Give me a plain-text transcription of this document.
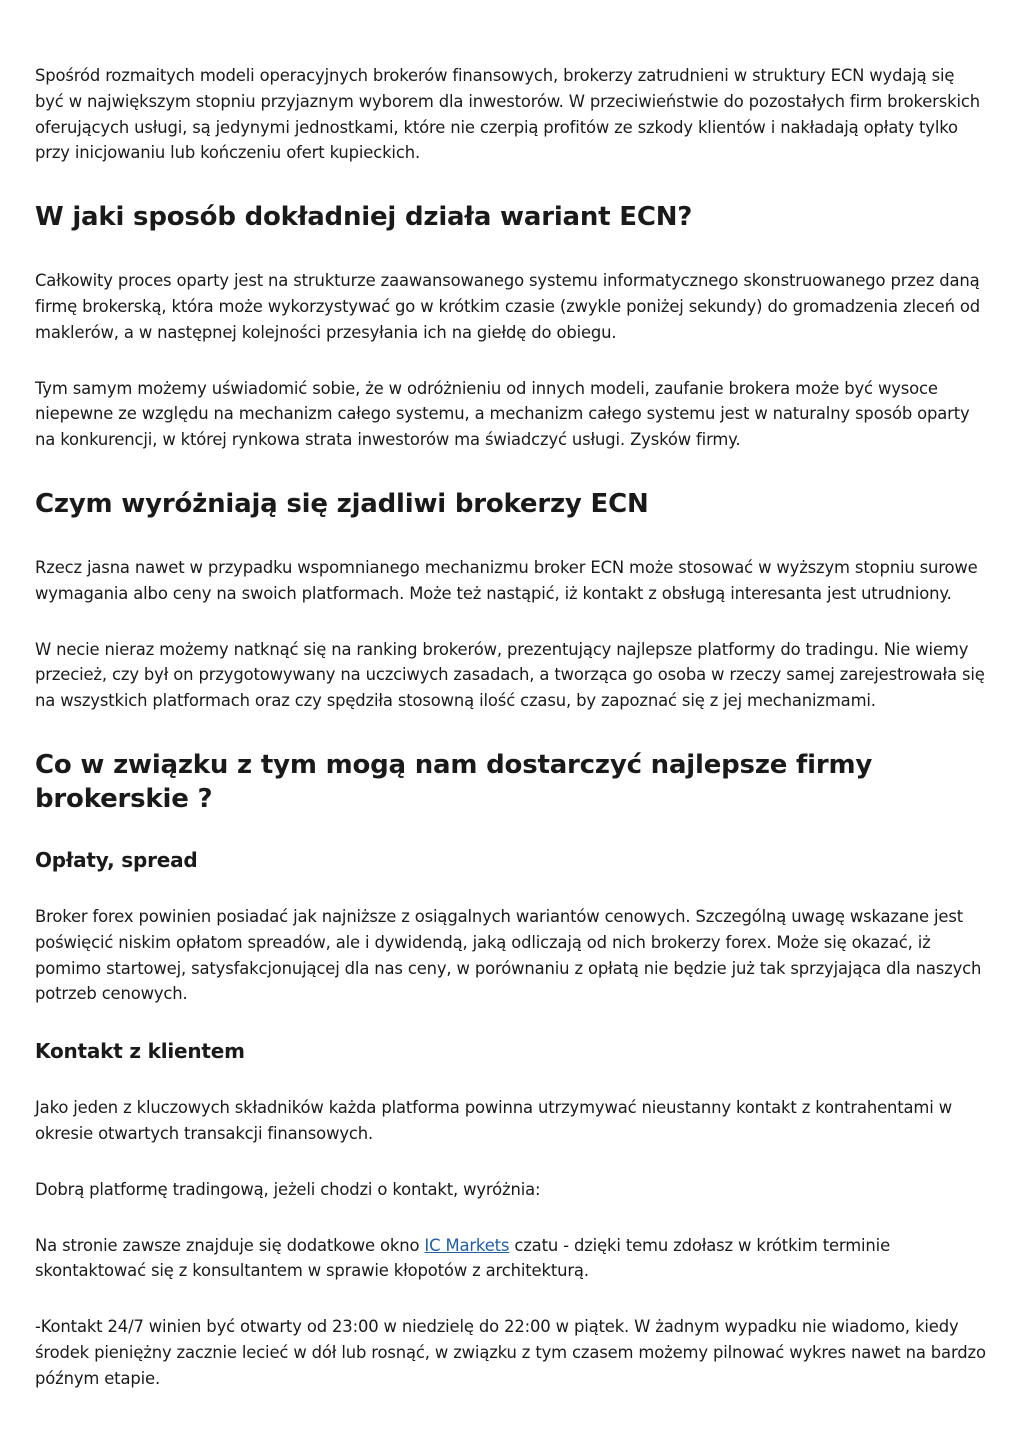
Spośród rozmaitych modeli operacyjnych brokerów finansowych, brokerzy zatrudnieni w struktury ECN wydają się być w największym stopniu przyjaznym wyborem dla inwestorów. W przeciwieństwie do pozostałych firm brokerskich oferujących usługi, są jedynymi jednostkami, które nie czerpią profitów ze szkody klientów i nakładają opłaty tylko przy inicjowaniu lub kończeniu ofert kupieckich.

W jaki sposób dokładniej działa wariant ECN?

Całkowity proces oparty jest na strukturze zaawansowanego systemu informatycznego skonstruowanego przez daną firmę brokerską, która może wykorzystywać go w krótkim czasie (zwykle poniżej sekundy) do gromadzenia zleceń od maklerów, a w następnej kolejności przesyłania ich na giełdę do obiegu.

Tym samym możemy uświadomić sobie, że w odróżnieniu od innych modeli, zaufanie brokera może być wysoce niepewne ze względu na mechanizm całego systemu, a mechanizm całego systemu jest w naturalny sposób oparty na konkurencji, w której rynkowa strata inwestorów ma świadczyć usługi. Zysków firmy.

Czym wyróżniają się zjadliwi brokerzy ECN

Rzecz jasna nawet w przypadku wspomnianego mechanizmu broker ECN może stosować w wyższym stopniu surowe wymagania albo ceny na swoich platformach. Może też nastąpić, iż kontakt z obsługą interesanta jest utrudniony.

W necie nieraz możemy natknąć się na ranking brokerów, prezentujący najlepsze platformy do tradingu. Nie wiemy przecież, czy był on przygotowywany na uczciwych zasadach, a tworząca go osoba w rzeczy samej zarejestrowała się na wszystkich platformach oraz czy spędziła stosowną ilość czasu, by zapoznać się z jej mechanizmami.

Co w związku z tym mogą nam dostarczyć najlepsze firmy brokerskie ?
Opłaty, spread

Broker forex powinien posiadać jak najniższe z osiągalnych wariantów cenowych. Szczególną uwagę wskazane jest poświęcić niskim opłatom spreadów, ale i dywidendą, jaką odliczają od nich brokerzy forex. Może się okazać, iż pomimo startowej, satysfakcjonującej dla nas ceny, w porównaniu z opłatą nie będzie już tak sprzyjająca dla naszych potrzeb cenowych.

Kontakt z klientem

Jako jeden z kluczowych składników każda platforma powinna utrzymywać nieustanny kontakt z kontrahentami w okresie otwartych transakcji finansowych.

Dobrą platformę tradingową, jeżeli chodzi o kontakt, wyróżnia:

Na stronie zawsze znajduje się dodatkowe okno IC Markets czatu - dzięki temu zdołasz w krótkim terminie skontaktować się z konsultantem w sprawie kłopotów z architekturą.

-Kontakt 24/7 winien być otwarty od 23:00 w niedzielę do 22:00 w piątek. W żadnym wypadku nie wiadomo, kiedy środek pieniężny zacznie lecieć w dół lub rosnąć, w związku z tym czasem możemy pilnować wykres nawet na bardzo późnym etapie.
